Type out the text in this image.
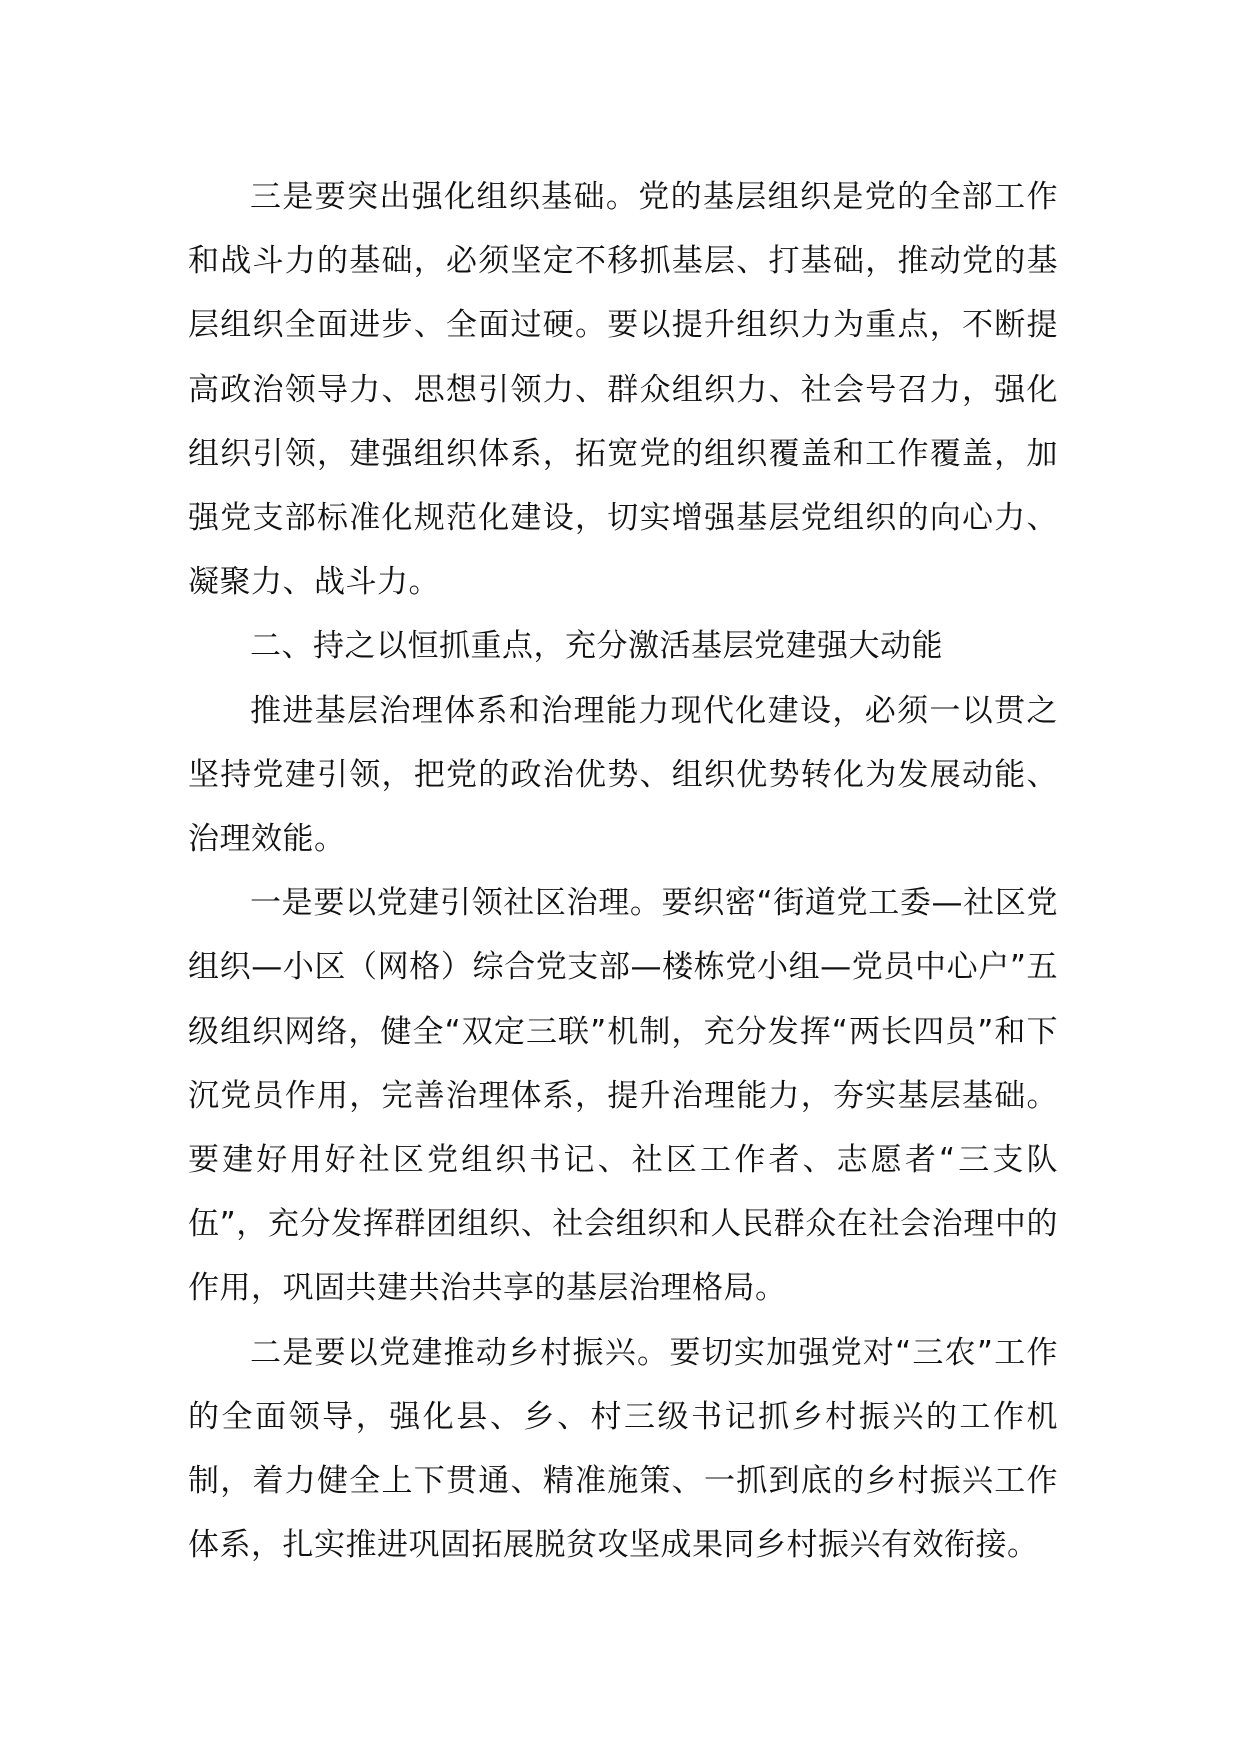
三是要突出强化组织基础。党的基层组织是党的全部工作和战斗力的基础，必须坚定不移抓基层、打基础，推动党的基层组织全面进步、全面过硬。要以提升组织力为重点，不断提高政治领导力、思想引领力、群众组织力、社会号召力，强化组织引领，建强组织体系，拓宽党的组织覆盖和工作覆盖，加强党支部标准化规范化建设，切实增强基层党组织的向心力、凝聚力、战斗力。

二、持之以恒抓重点，充分激活基层党建强大动能

推进基层治理体系和治理能力现代化建设，必须一以贯之坚持党建引领，把党的政治优势、组织优势转化为发展动能、治理效能。

一是要以党建引领社区治理。要织密“街道党工委—社区党组织—小区（网格）综合党支部—楼栋党小组—党员中心户”五级组织网络，健全“双定三联”机制，充分发挥“两长四员”和下沉党员作用，完善治理体系，提升治理能力，夯实基层基础。要建好用好社区党组织书记、社区工作者、志愿者“三支队伍”，充分发挥群团组织、社会组织和人民群众在社会治理中的作用，巩固共建共治共享的基层治理格局。

二是要以党建推动乡村振兴。要切实加强党对“三农”工作的全面领导，强化县、乡、村三级书记抓乡村振兴的工作机制，着力健全上下贯通、精准施策、一抓到底的乡村振兴工作体系，扎实推进巩固拓展脱贫攻坚成果同乡村振兴有效衔接。
